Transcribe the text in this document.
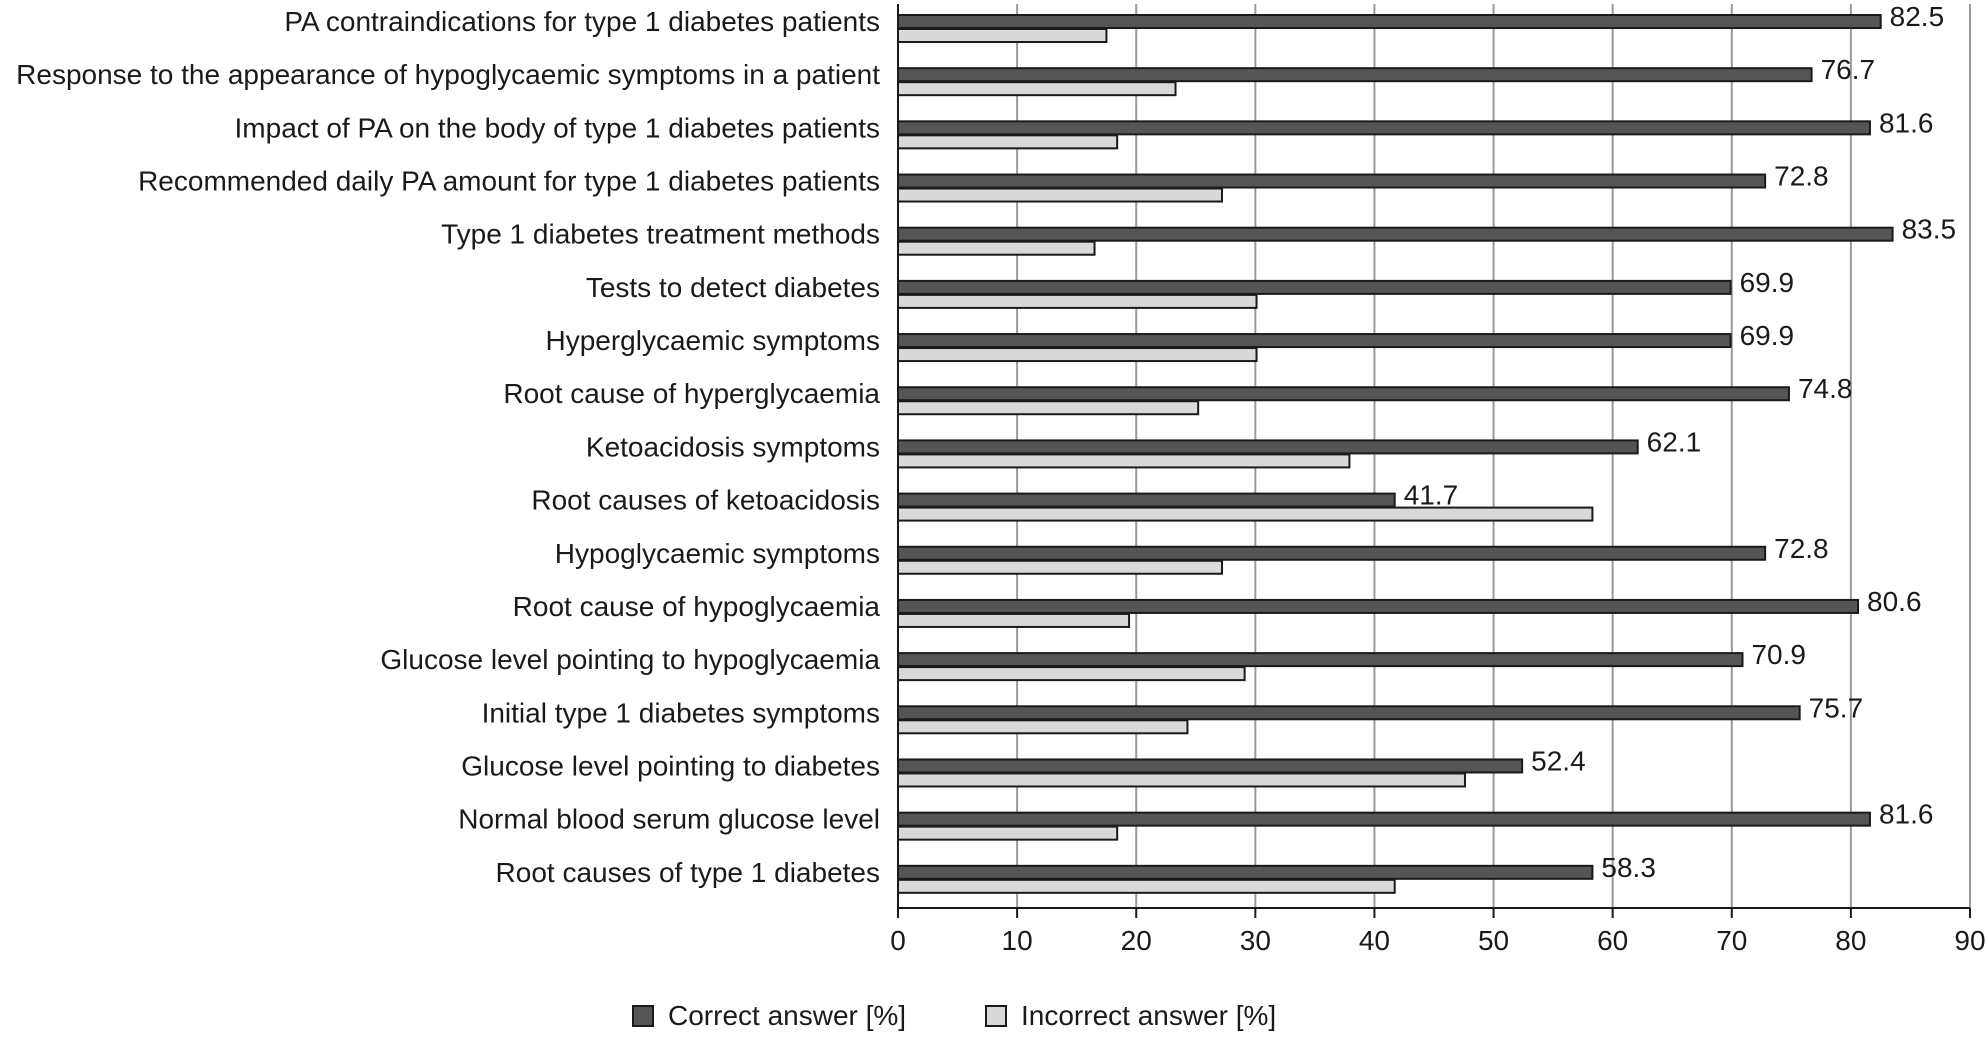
0	10	20	30	40	50	60	70	80	90
PA contraindications for type 1 diabetes patients	82.5
Response to the appearance of hypoglycaemic symptoms in a patient	76.7
Impact of PA on the body of type 1 diabetes patients	81.6
Recommended daily PA amount for type 1 diabetes patients	72.8
Type 1 diabetes treatment methods	83.5
Tests to detect diabetes	69.9
Hyperglycaemic symptoms	69.9
Root cause of hyperglycaemia	74.8
Ketoacidosis symptoms	62.1
Root causes of ketoacidosis	41.7
Hypoglycaemic symptoms	72.8
Root cause of hypoglycaemia	80.6
Glucose level pointing to hypoglycaemia	70.9
Initial type 1 diabetes symptoms	75.7
Glucose level pointing to diabetes	52.4
Normal blood serum glucose level	81.6
Root causes of type 1 diabetes	58.3
Correct answer [%]	Incorrect answer [%]
